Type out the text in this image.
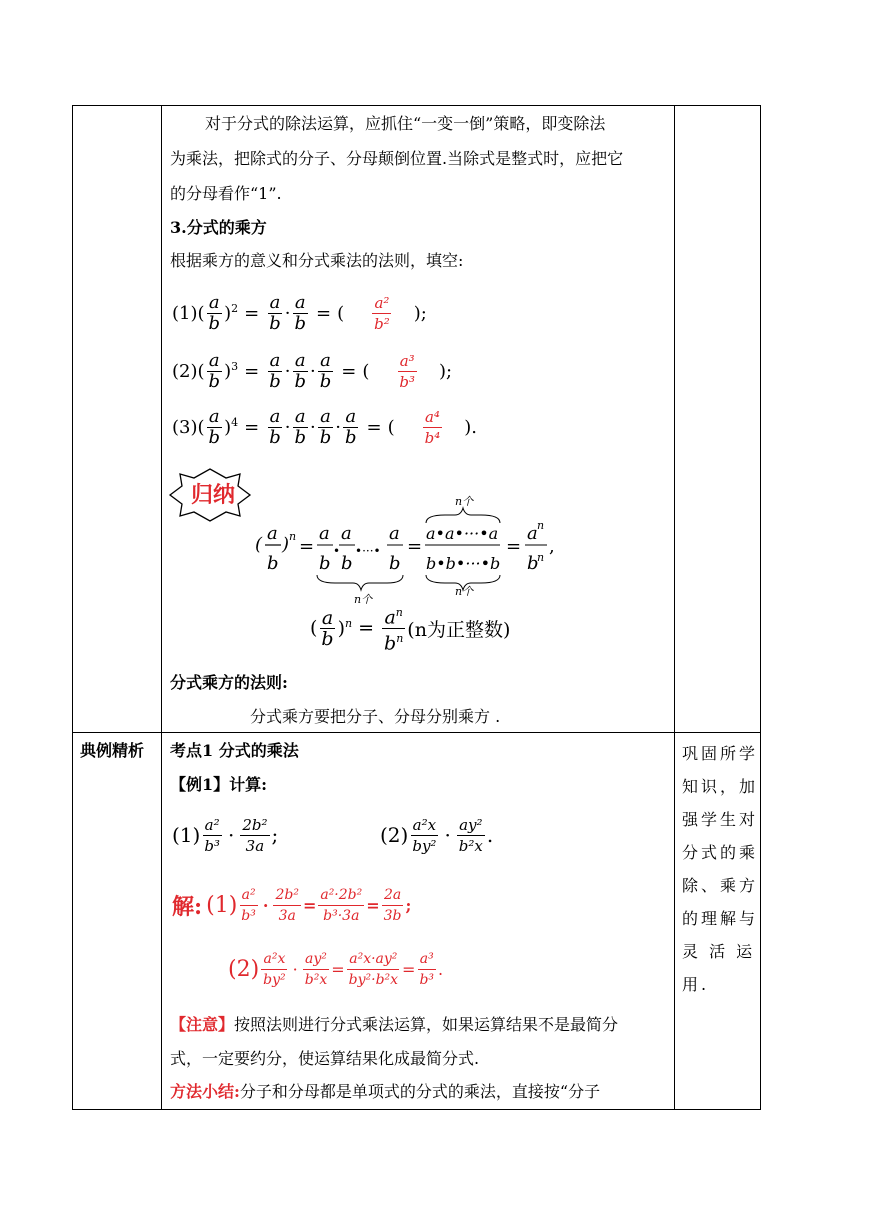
对于分式的除法运算，应抓住“一变一倒”策略，即变除法
为乘法，把除式的分子、分母颠倒位置.当除式是整式时，应把它
的分母看作“1”.
3.分式的乘方
根据乘方的意义和分式乘法的法则，填空:
(1) ( $\frac{a}{b} )^2 = \frac{a}{b} \cdot \frac{a}{b}$ = ( $\frac{\text{a²}}{\text{b²}}$ );
(2) ( $\frac{a}{b} )^3 = \frac{a}{b} \cdot \frac{a}{b} \cdot \frac{a}{b}$ = ( $\frac{\text{a³}}{\text{b³}}$ );
(3) ( $\frac{a}{b} )^4 = \frac{a}{b} \cdot \frac{a}{b} \cdot \frac{a}{b} \cdot \frac{a}{b}$ = ( $\frac{\text{a⁴}}{\text{b⁴}}$ ).
归纳
(
a
b
) n =
a
b
•
a
b
•···•
a
b
n个
=
a•a•···•a
b•b•···•b
n个
n个
=
a n
b
n
,
( $\frac{a}{b} )^n = \frac{a^n}{b^n} (n$为正整数)
分式乘方的法则:
分式乘方要把分子、分母分别乘方 .
典例精析 考点1 分式的乘法
【例1】计算:
$(1) \frac{\text{a²}}{\text{b³}} \cdot \frac{\text{2b²}}{3a}$ ;	$(2) \frac{\text{a²x}}{\text{by²}} \cdot \frac{\text{ay²}}{\text{b²x}}$ .
解: $(1) \frac{\text{a²}}{\text{b³}} \cdot \frac{\text{2b²}}{3a} = \frac{\text{a²·2b²}}{\text{b³·3a}} = \frac{2a}{3b}$ ;
$(2) \frac{\text{a²x}}{\text{by²}} \cdot \frac{\text{ay²}}{\text{b²x}} = \frac{\text{a²x·ay²}}{\text{by²·b²x}} = \frac{\text{a³}}{\text{b³}}$ .
【注意】按照法则进行分式乘法运算，如果运算结果不是最简分
式，一定要约分，使运算结果化成最简分式.
方法小结:分子和分母都是单项式的分式的乘法，直接按“分子
巩固所学
知识，加
强学生对
分式的乘
除、乘方
的理解与
灵 活 运
用.
